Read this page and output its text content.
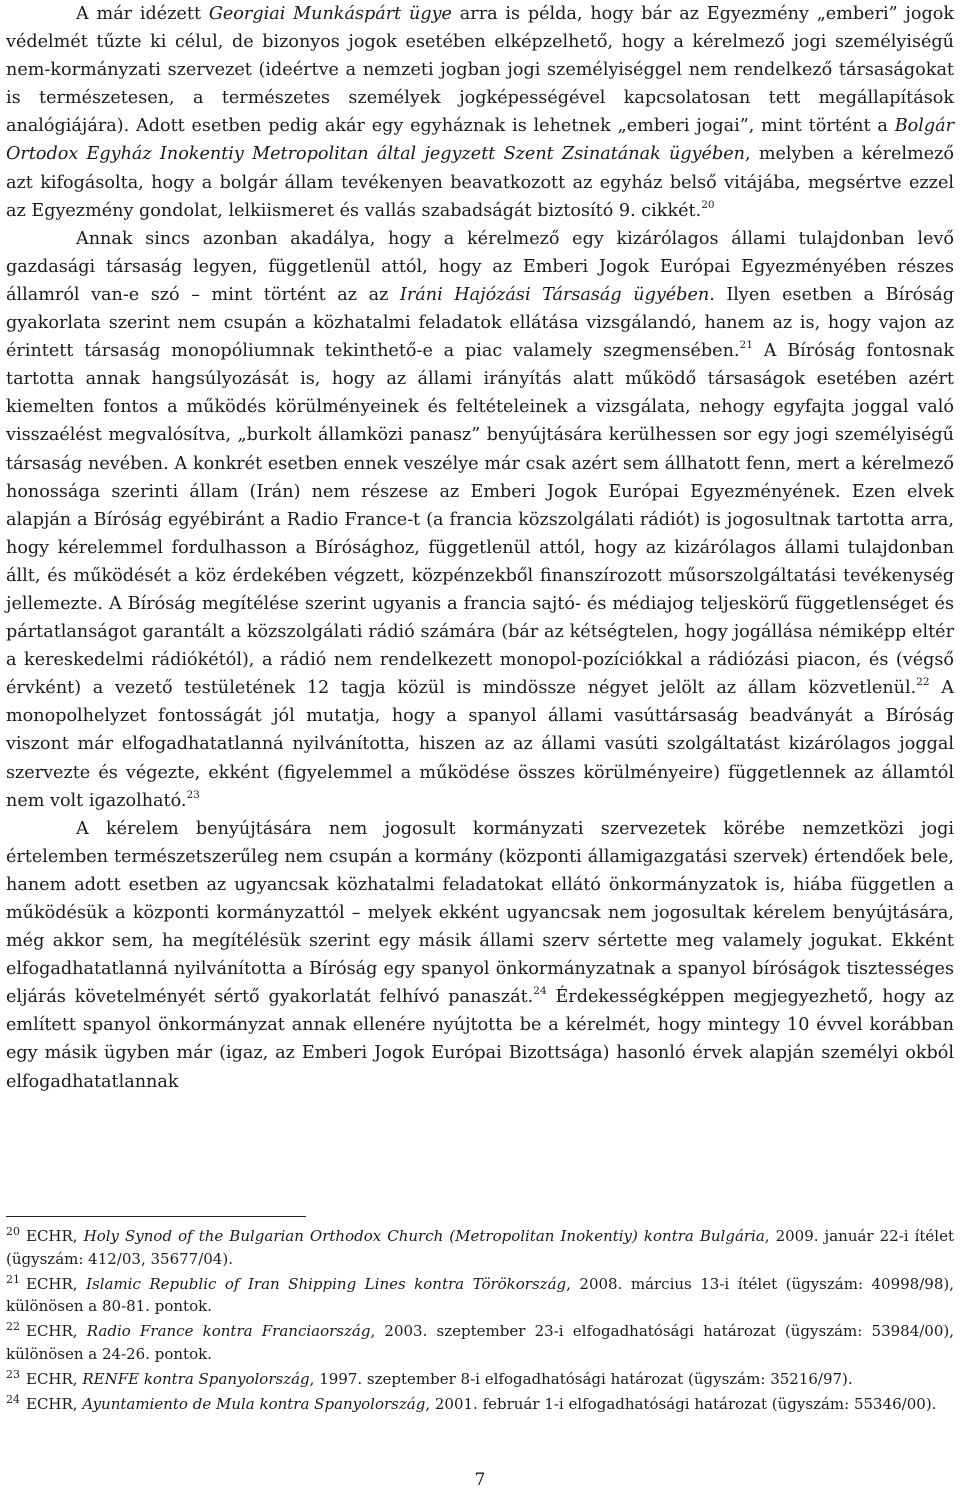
A már idézett Georgiai Munkáspárt ügye arra is példa, hogy bár az Egyezmény „emberi” jogok védelmét tűzte ki célul, de bizonyos jogok esetében elképzelhető, hogy a kérelmező jogi személyiségű nem-kormányzati szervezet (ideértve a nemzeti jogban jogi személyiséggel nem rendelkező társaságokat is természetesen, a természetes személyek jogképességével kapcsolatosan tett megállapítások analógiájára). Adott esetben pedig akár egy egyháznak is lehetnek „emberi jogai”, mint történt a Bolgár Ortodox Egyház Inokentiy Metropolitan által jegyzett Szent Zsinatának ügyében, melyben a kérelmező azt kifogásolta, hogy a bolgár állam tevékenyen beavatkozott az egyház belső vitájába, megsértve ezzel az Egyezmény gondolat, lelkiismeret és vallás szabadságát biztosító 9. cikkét.$^{20}$

Annak sincs azonban akadálya, hogy a kérelmező egy kizárólagos állami tulajdonban levő gazdasági társaság legyen, függetlenül attól, hogy az Emberi Jogok Európai Egyezményében részes államról van-e szó – mint történt az az Iráni Hajózási Társaság ügyében. Ilyen esetben a Bíróság gyakorlata szerint nem csupán a közhatalmi feladatok ellátása vizsgálandó, hanem az is, hogy vajon az érintett társaság monopóliumnak tekinthető-e a piac valamely szegmensében.$^{21}$ A Bíróság fontosnak tartotta annak hangsúlyozását is, hogy az állami irányítás alatt működő társaságok esetében azért kiemelten fontos a működés körülményeinek és feltételeinek a vizsgálata, nehogy egyfajta joggal való visszaélést megvalósítva, „burkolt államközi panasz” benyújtására kerülhessen sor egy jogi személyiségű társaság nevében. A konkrét esetben ennek veszélye már csak azért sem állhatott fenn, mert a kérelmező honossága szerinti állam (Irán) nem részese az Emberi Jogok Európai Egyezményének. Ezen elvek alapján a Bíróság egyébiránt a Radio France-t (a francia közszolgálati rádiót) is jogosultnak tartotta arra, hogy kérelemmel fordulhasson a Bírósághoz, függetlenül attól, hogy az kizárólagos állami tulajdonban állt, és működését a köz érdekében végzett, közpénzekből finanszírozott műsorszolgáltatási tevékenység jellemezte. A Bíróság megítélése szerint ugyanis a francia sajtó- és médiajog teljeskörű függetlenséget és pártatlanságot garantált a közszolgálati rádió számára (bár az kétségtelen, hogy jogállása némiképp eltér a kereskedelmi rádiókétól), a rádió nem rendelkezett monopol-pozíciókkal a rádiózási piacon, és (végső érvként) a vezető testületének 12 tagja közül is mindössze négyet jelölt az állam közvetlenül.$^{22}$ A monopolhelyzet fontosságát jól mutatja, hogy a spanyol állami vasúttársaság beadványát a Bíróság viszont már elfogadhatatlanná nyilvánította, hiszen az az állami vasúti szolgáltatást kizárólagos joggal szervezte és végezte, ekként (figyelemmel a működése összes körülményeire) függetlennek az államtól nem volt igazolható.$^{23}$

A kérelem benyújtására nem jogosult kormányzati szervezetek körébe nemzetközi jogi értelemben természetszerűleg nem csupán a kormány (központi államigazgatási szervek) értendőek bele, hanem adott esetben az ugyancsak közhatalmi feladatokat ellátó önkormányzatok is, hiába független a működésük a központi kormányzattól – melyek ekként ugyancsak nem jogosultak kérelem benyújtására, még akkor sem, ha megítélésük szerint egy másik állami szerv sértette meg valamely jogukat. Ekként elfogadhatatlanná nyilvánította a Bíróság egy spanyol önkormányzatnak a spanyol bíróságok tisztességes eljárás követelményét sértő gyakorlatát felhívó panaszát.$^{24}$ Érdekességképpen megjegyezhető, hogy az említett spanyol önkormányzat annak ellenére nyújtotta be a kérelmét, hogy mintegy 10 évvel korábban egy másik ügyben már (igaz, az Emberi Jogok Európai Bizottsága) hasonló érvek alapján személyi okból elfogadhatatlannak

$^{20}$ ECHR, Holy Synod of the Bulgarian Orthodox Church (Metropolitan Inokentiy) kontra Bulgária, 2009. január 22-i ítélet (ügyszám: 412/03, 35677/04).

$^{21}$ ECHR, Islamic Republic of Iran Shipping Lines kontra Törökország, 2008. március 13-i ítélet (ügyszám: 40998/98), különösen a 80-81. pontok.

$^{22}$ ECHR, Radio France kontra Franciaország, 2003. szeptember 23-i elfogadhatósági határozat (ügyszám: 53984/00), különösen a 24-26. pontok.

$^{23}$ ECHR, RENFE kontra Spanyolország, 1997. szeptember 8-i elfogadhatósági határozat (ügyszám: 35216/97).

$^{24}$ ECHR, Ayuntamiento de Mula kontra Spanyolország, 2001. február 1-i elfogadhatósági határozat (ügyszám: 55346/00).

7
